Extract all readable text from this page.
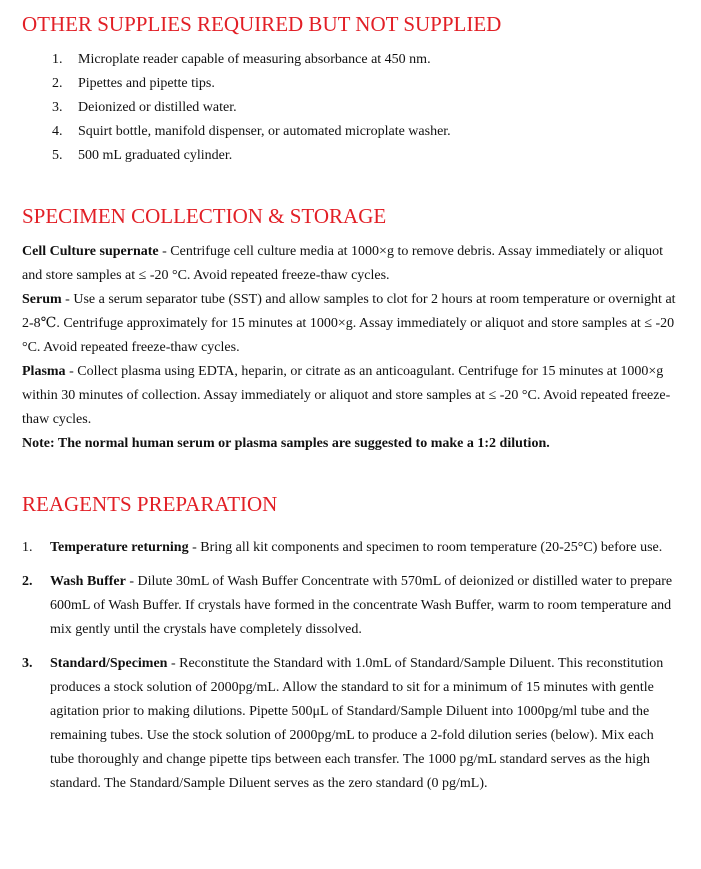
OTHER SUPPLIES REQUIRED BUT NOT SUPPLIED
1.	Microplate reader capable of measuring absorbance at 450 nm.
2.	Pipettes and pipette tips.
3.	Deionized or distilled water.
4.	Squirt bottle, manifold dispenser, or automated microplate washer.
5.	500 mL graduated cylinder.
SPECIMEN COLLECTION & STORAGE

Cell Culture supernate - Centrifuge cell culture media at 1000×g to remove debris. Assay immediately or aliquot and store samples at ≤ -20 °C. Avoid repeated freeze-thaw cycles.

Serum - Use a serum separator tube (SST) and allow samples to clot for 2 hours at room temperature or overnight at 2-8℃. Centrifuge approximately for 15 minutes at 1000×g. Assay immediately or aliquot and store samples at ≤ -20 °C. Avoid repeated freeze-thaw cycles.

Plasma - Collect plasma using EDTA, heparin, or citrate as an anticoagulant. Centrifuge for 15 minutes at 1000×g within 30 minutes of collection. Assay immediately or aliquot and store samples at ≤ -20 °C. Avoid repeated freeze-thaw cycles.

Note: The normal human serum or plasma samples are suggested to make a 1:2 dilution.

REAGENTS PREPARATION
1. Temperature returning - Bring all kit components and specimen to room temperature (20-25°C) before use.
2. Wash Buffer - Dilute 30mL of Wash Buffer Concentrate with 570mL of deionized or distilled water to prepare 600mL of Wash Buffer. If crystals have formed in the concentrate Wash Buffer, warm to room temperature and mix gently until the crystals have completely dissolved.
3. Standard/Specimen - Reconstitute the Standard with 1.0mL of Standard/Sample Diluent. This reconstitution produces a stock solution of 2000pg/mL. Allow the standard to sit for a minimum of 15 minutes with gentle agitation prior to making dilutions. Pipette 500μL of Standard/Sample Diluent into 1000pg/ml tube and the remaining tubes. Use the stock solution of 2000pg/mL to produce a 2-fold dilution series (below). Mix each tube thoroughly and change pipette tips between each transfer. The 1000 pg/mL standard serves as the high standard. The Standard/Sample Diluent serves as the zero standard (0 pg/mL).
